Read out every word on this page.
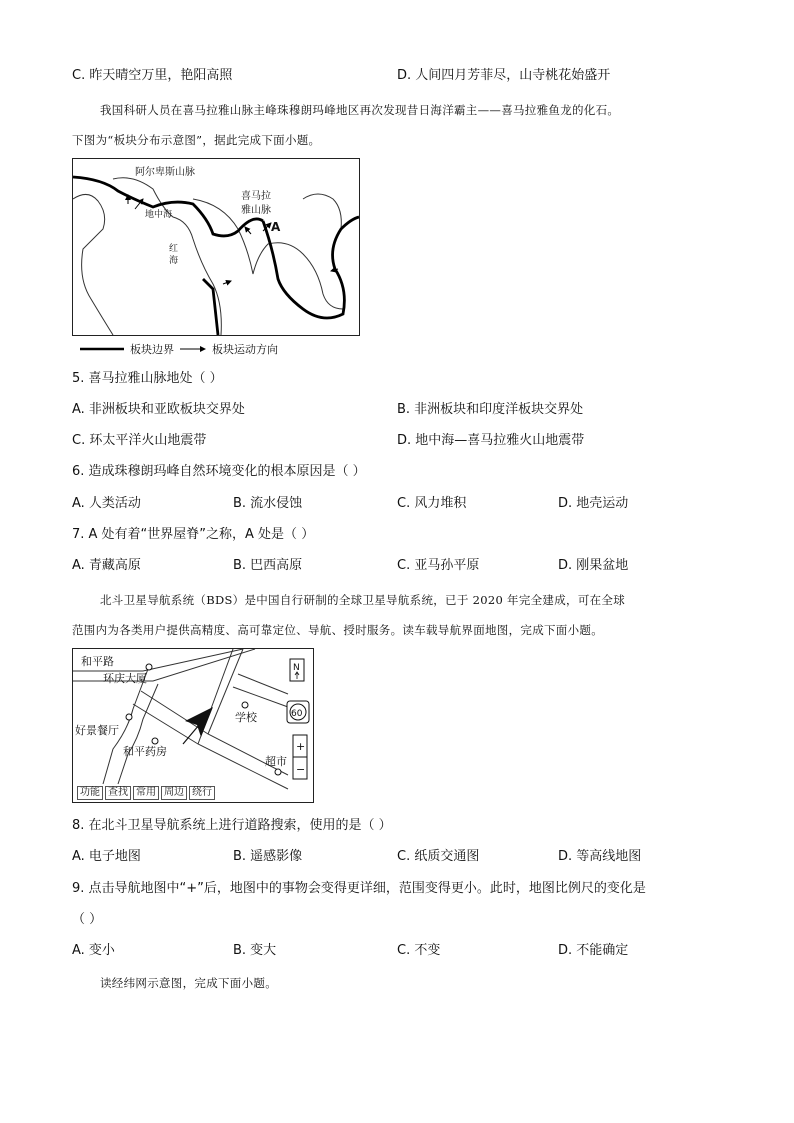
C. 昨天晴空万里，艳阳高照	D. 人间四月芳菲尽，山寺桃花始盛开
我国科研人员在喜马拉雅山脉主峰珠穆朗玛峰地区再次发现昔日海洋霸主——喜马拉雅鱼龙的化石。
下图为“板块分布示意图”，据此完成下面小题。
阿尔卑斯山脉
喜马拉
雅山脉
A
地中海
红
海
板块边界	板块运动方向
5. 喜马拉雅山脉地处（ ）
A. 非洲板块和亚欧板块交界处	B. 非洲板块和印度洋板块交界处
C. 环太平洋火山地震带	D. 地中海—喜马拉雅火山地震带
6. 造成珠穆朗玛峰自然环境变化的根本原因是（ ）
A. 人类活动	B. 流水侵蚀	C. 风力堆积	D. 地壳运动
7. A 处有着“世界屋脊”之称，A 处是（ ）
A. 青藏高原	B. 巴西高原	C. 亚马孙平原	D. 刚果盆地
北斗卫星导航系统（BDS）是中国自行研制的全球卫星导航系统，已于 2020 年完全建成，可在全球
范围内为各类用户提供高精度、高可靠定位、导航、授时服务。读车载导航界面地图，完成下面小题。
和平路
环庆大厦
学校
好景餐厅
和平药房
超市
N
60
+
−
功能 查找 常用 周边 绕行
8. 在北斗卫星导航系统上进行道路搜索，使用的是（ ）
A. 电子地图	B. 遥感影像	C. 纸质交通图	D. 等高线地图
9. 点击导航地图中“+”后，地图中的事物会变得更详细，范围变得更小。此时，地图比例尺的变化是
（ ）
A. 变小	B. 变大	C. 不变	D. 不能确定
读经纬网示意图，完成下面小题。
